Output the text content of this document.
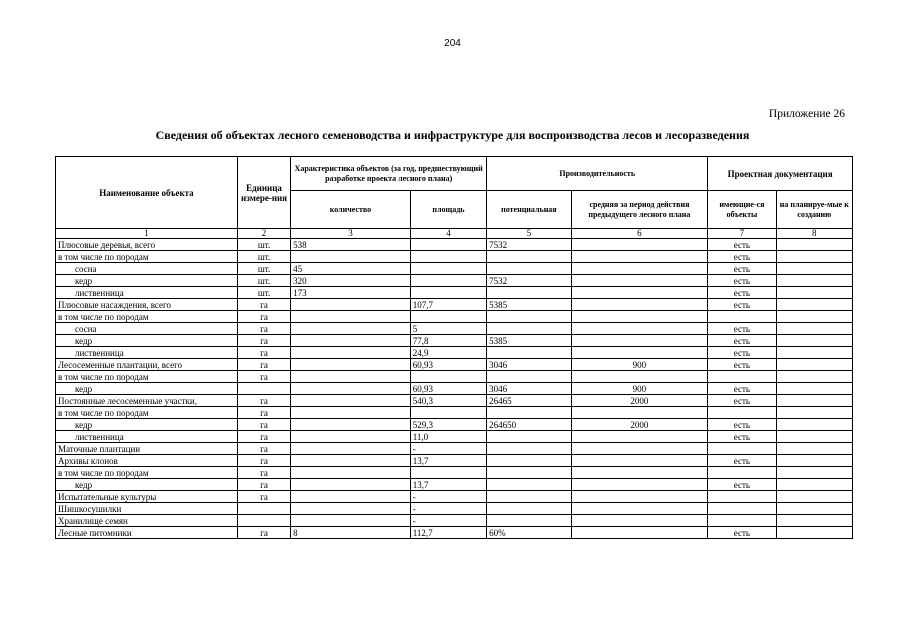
204
Приложение 26
Сведения об объектах лесного семеноводства и инфраструктуре для воспроизводства лесов и лесоразведения
Наименование объекта	Единица измере-ния	Характеристика объектов (за год, предшествующий разработке проекта лесного плана)		Производительность		Проектная документация	
		количество	площадь	потенциальная	средняя за период действия предыдущего лесного плана	имеющие-ся объекты	на планируе-мые к созданию
1	2	3	4	5	6	7	8
Плюсовые деревья, всего	шт.	538		7532		есть	
в том числе по породам	шт.					есть	
сосна	шт.	45				есть	
кедр	шт.	320		7532		есть	
лиственница	шт.	173				есть	
Плюсовые насаждения, всего	га		107,7	5385		есть	
в том числе по породам	га						
сосна	га		5			есть	
кедр	га		77,8	5385		есть	
лиственница	га		24,9			есть	
Лесосеменные плантации, всего	га		60,93	3046	900	есть	
в том числе по породам	га						
кедр			60,93	3046	900	есть	
Постоянные лесосеменные участки,	га		540,3	26465	2000	есть	
в том числе по породам	га						
кедр	га		529,3	264650	2000	есть	
лиственница	га		11,0			есть	
Маточные плантации	га		-				
Архивы клонов	га		13,7			есть	
в том числе по породам	га						
кедр	га		13,7			есть	
Испытательные культуры	га		-				
Шишкосушилки			-				
Хранилище семян			-				
Лесные питомники	га	8	112,7	60%		есть	
